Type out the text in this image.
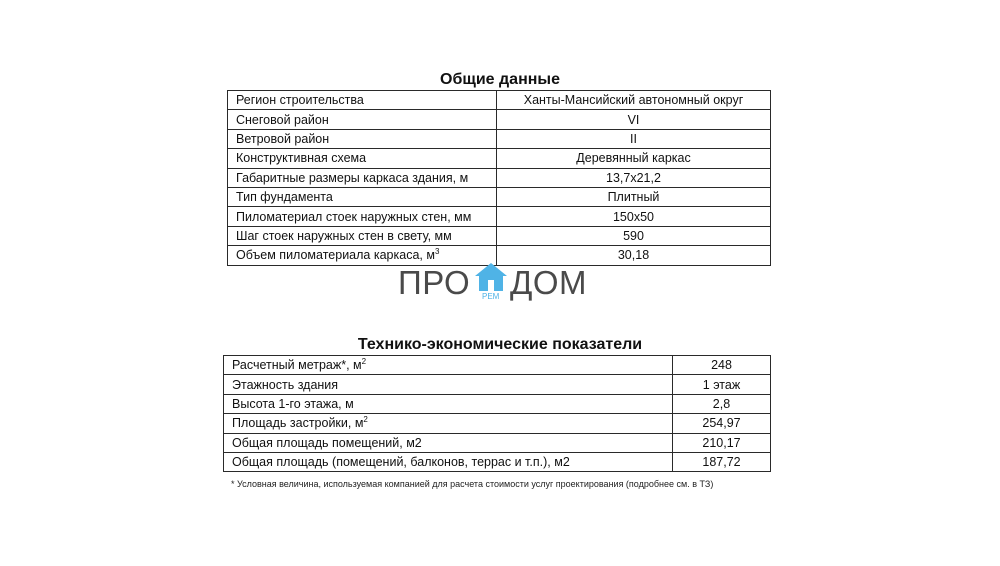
Общие данные
Регион строительства	Ханты-Мансийский автономный округ
Снеговой район	VI
Ветровой район	II
Конструктивная схема	Деревянный каркас
Габаритные размеры каркаса здания, м	13,7x21,2
Тип фундамента	Плитный
Пиломатериал стоек наружных стен, мм	150x50
Шаг стоек наружных стен в свету, мм	590
Объем пиломатериала каркаса, $м^3$	30,18
ПРО РЕМ ДОМ
Технико-экономические показатели
Расчетный метраж*, $м^2$	248
Этажность здания	1 этаж
Высота 1-го этажа, м	2,8
Площадь застройки, $м^2$	254,97
Общая площадь помещений, м2	210,17
Общая площадь (помещений, балконов, террас и т.п.), м2	187,72
* Условная величина, используемая компанией для расчета стоимости услуг проектирования (подробнее см. в ТЗ)
